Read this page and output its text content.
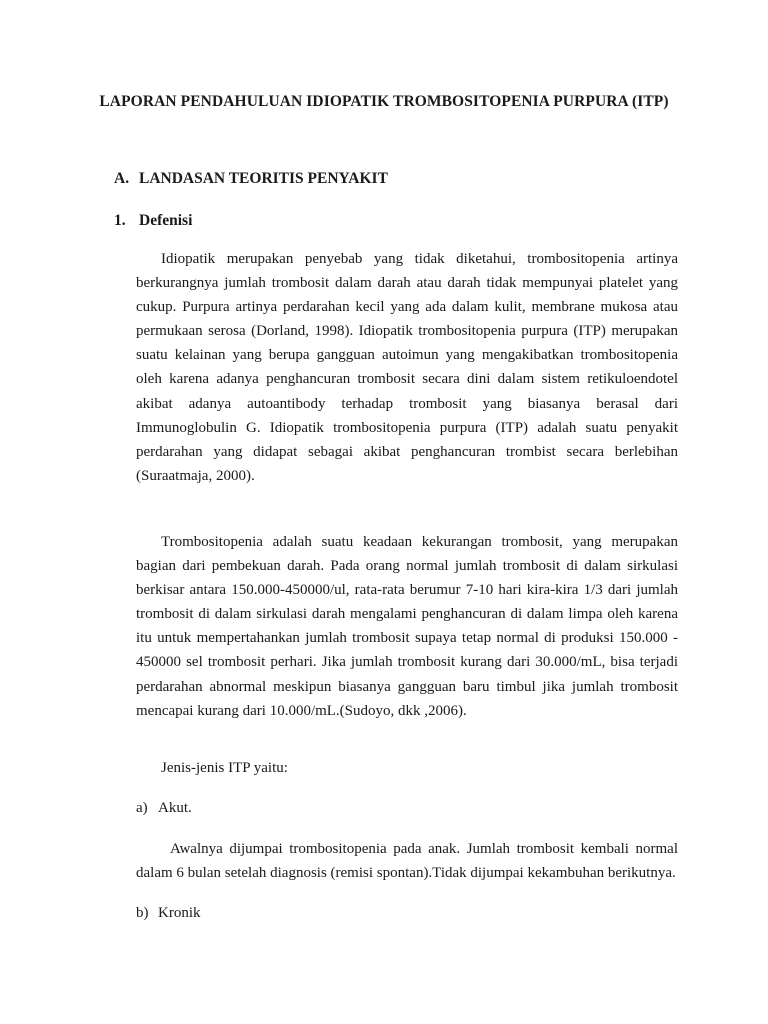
LAPORAN PENDAHULUAN IDIOPATIK TROMBOSITOPENIA PURPURA (ITP)
A. LANDASAN TEORITIS PENYAKIT
1. Defenisi

Idiopatik merupakan penyebab yang tidak diketahui, trombositopenia artinya berkurangnya jumlah trombosit dalam darah atau darah tidak mempunyai platelet yang cukup. Purpura artinya perdarahan kecil yang ada dalam kulit, membrane mukosa atau permukaan serosa (Dorland, 1998). Idiopatik trombositopenia purpura (ITP) merupakan suatu kelainan yang berupa gangguan autoimun yang mengakibatkan trombositopenia oleh karena adanya penghancuran trombosit secara dini dalam sistem retikuloendotel akibat adanya autoantibody terhadap trombosit yang biasanya berasal dari Immunoglobulin G. Idiopatik trombositopenia purpura (ITP) adalah suatu penyakit perdarahan yang didapat sebagai akibat penghancuran trombist secara berlebihan (Suraatmaja, 2000).

Trombositopenia adalah suatu keadaan kekurangan trombosit, yang merupakan bagian dari pembekuan darah. Pada orang normal jumlah trombosit di dalam sirkulasi berkisar antara 150.000-450000/ul, rata-rata berumur 7-10 hari kira-kira 1/3 dari jumlah trombosit di dalam sirkulasi darah mengalami penghancuran di dalam limpa oleh karena itu untuk mempertahankan jumlah trombosit supaya tetap normal di produksi 150.000 - 450000 sel trombosit perhari. Jika jumlah trombosit kurang dari 30.000/mL, bisa terjadi perdarahan abnormal meskipun biasanya gangguan baru timbul jika jumlah trombosit mencapai kurang dari 10.000/mL.(Sudoyo, dkk ,2006).

Jenis-jenis ITP yaitu:
a) Akut.

Awalnya dijumpai trombositopenia pada anak. Jumlah trombosit kembali normal dalam 6 bulan setelah diagnosis (remisi spontan).Tidak dijumpai kekambuhan berikutnya.

b) Kronik
